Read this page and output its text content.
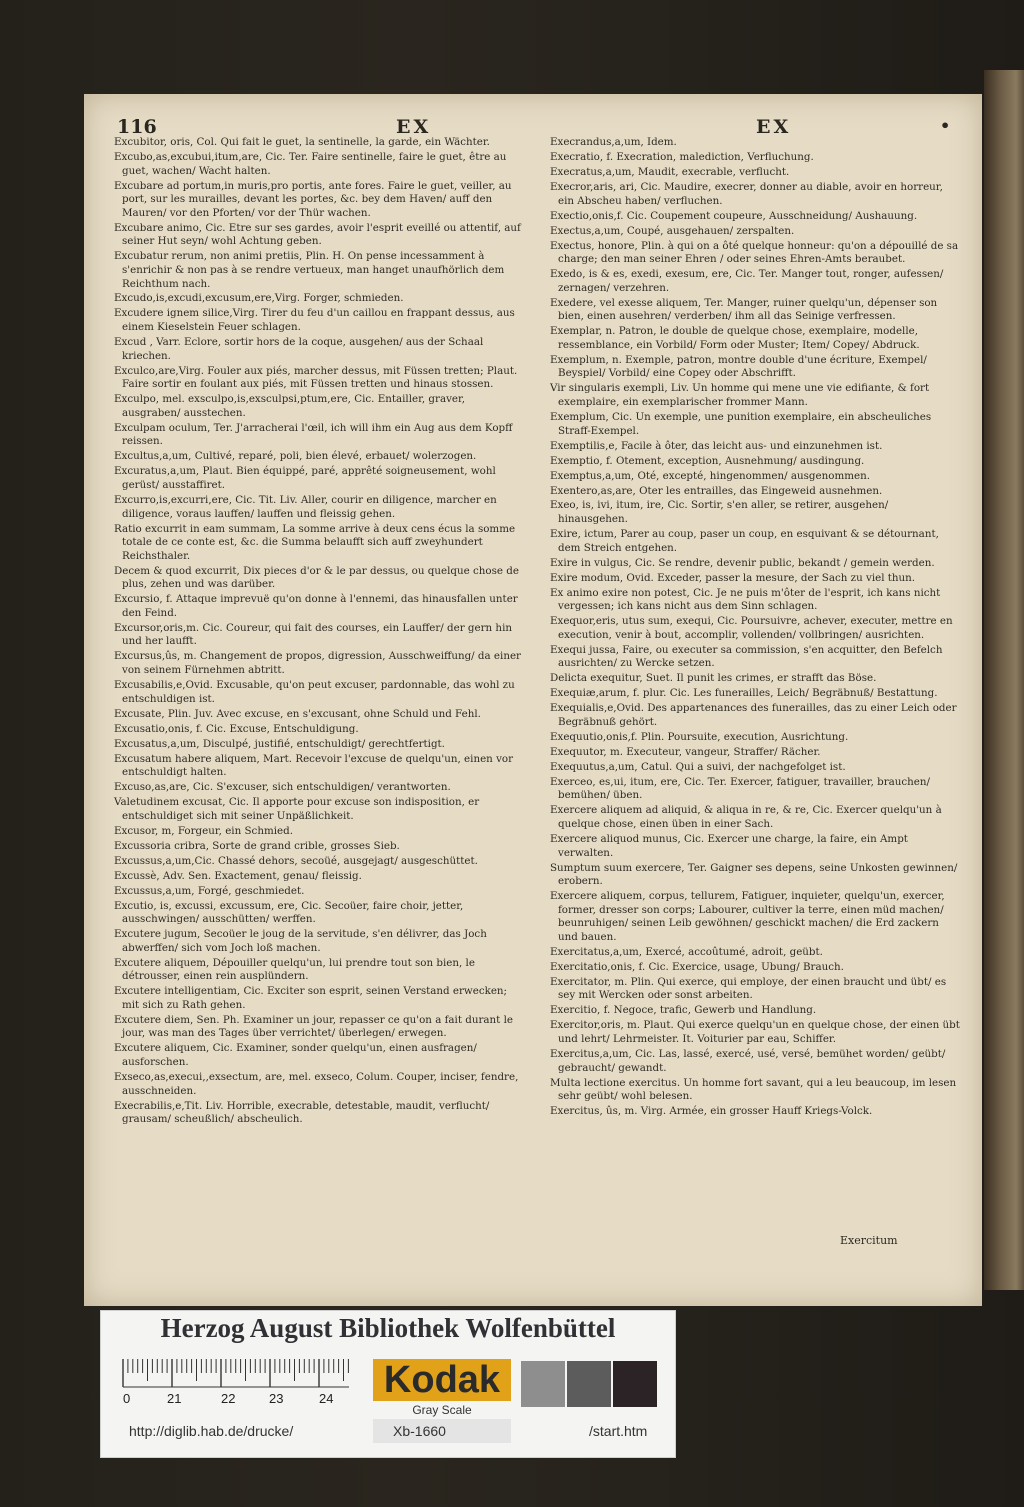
116	EX	EX	•
Excubitor, oris, Col. Qui fait le guet, la sentinelle, la garde, ein Wächter.
Excubo,as,excubui,itum,are, Cic. Ter. Faire sentinelle, faire le guet, être au guet, wachen/ Wacht halten.
Excubare ad portum,in muris,pro portis, ante fores. Faire le guet, veiller, au port, sur les murailles, devant les portes, &c. bey dem Haven/ auff den Mauren/ vor den Pforten/ vor der Thür wachen.
Excubare animo, Cic. Etre sur ses gardes, avoir l'esprit eveillé ou attentif, auf seiner Hut seyn/ wohl Achtung geben.
Excubatur rerum, non animi pretiis, Plin. H. On pense incessamment à s'enrichir & non pas à se rendre vertueux, man hanget unaufhörlich dem Reichthum nach.
Excudo,is,excudi,excusum,ere,Virg. Forger, schmieden.
Excudere ignem silice,Virg. Tirer du feu d'un caillou en frappant dessus, aus einem Kieselstein Feuer schlagen.
Excud , Varr. Eclore, sortir hors de la coque, ausgehen/ aus der Schaal kriechen.
Exculco,are,Virg. Fouler aux piés, marcher dessus, mit Füssen tretten; Plaut. Faire sortir en foulant aux piés, mit Füssen tretten und hinaus stossen.
Exculpo, mel. exsculpo,is,exsculpsi,ptum,ere, Cic. Entailler, graver, ausgraben/ ausstechen.
Exculpam oculum, Ter. J'arracherai l'œil, ich will ihm ein Aug aus dem Kopff reissen.
Excultus,a,um, Cultivé, reparé, poli, bien élevé, erbauet/ wolerzogen.
Excuratus,a,um, Plaut. Bien équippé, paré, apprêté soigneusement, wohl gerüst/ ausstaffiret.
Excurro,is,excurri,ere, Cic. Tit. Liv. Aller, courir en diligence, marcher en diligence, voraus lauffen/ lauffen und fleissig gehen.
Ratio excurrit in eam summam, La somme arrive à deux cens écus la somme totale de ce conte est, &c. die Summa belaufft sich auff zweyhundert Reichsthaler.
Decem & quod excurrit, Dix pieces d'or & le par dessus, ou quelque chose de plus, zehen und was darüber.
Excursio, f. Attaque imprevuë qu'on donne à l'ennemi, das hinausfallen unter den Feind.
Excursor,oris,m. Cic. Coureur, qui fait des courses, ein Lauffer/ der gern hin und her laufft.
Excursus,ûs, m. Changement de propos, digression, Ausschweiffung/ da einer von seinem Fürnehmen abtritt.
Excusabilis,e,Ovid. Excusable, qu'on peut excuser, pardonnable, das wohl zu entschuldigen ist.
Excusate, Plin. Juv. Avec excuse, en s'excusant, ohne Schuld und Fehl.
Excusatio,onis, f. Cic. Excuse, Entschuldigung.
Excusatus,a,um, Disculpé, justifié, entschuldigt/ gerechtfertigt.
Excusatum habere aliquem, Mart. Recevoir l'excuse de quelqu'un, einen vor entschuldigt halten.
Excuso,as,are, Cic. S'excuser, sich entschuldigen/ verantworten.
Valetudinem excusat, Cic. Il apporte pour excuse son indisposition, er entschuldiget sich mit seiner Unpäßlichkeit.
Excusor, m, Forgeur, ein Schmied.
Excussoria cribra, Sorte de grand crible, grosses Sieb.
Excussus,a,um,Cic. Chassé dehors, secoüé, ausgejagt/ ausgeschüttet.
Excussè, Adv. Sen. Exactement, genau/ fleissig.
Excussus,a,um, Forgé, geschmiedet.
Excutio, is, excussi, excussum, ere, Cic. Secoüer, faire choir, jetter, ausschwingen/ ausschütten/ werffen.
Excutere jugum, Secoüer le joug de la servitude, s'en délivrer, das Joch abwerffen/ sich vom Joch loß machen.
Excutere aliquem, Dépouiller quelqu'un, lui prendre tout son bien, le détrousser, einen rein ausplündern.
Excutere intelligentiam, Cic. Exciter son esprit, seinen Verstand erwecken; mit sich zu Rath gehen.
Excutere diem, Sen. Ph. Examiner un jour, repasser ce qu'on a fait durant le jour, was man des Tages über verrichtet/ überlegen/ erwegen.
Excutere aliquem, Cic. Examiner, sonder quelqu'un, einen ausfragen/ ausforschen.
Exseco,as,execui,,exsectum, are, mel. exseco, Colum. Couper, inciser, fendre, ausschneiden.
Execrabilis,e,Tit. Liv. Horrible, execrable, detestable, maudit, verflucht/ grausam/ scheußlich/ abscheulich.
Execrandus,a,um, Idem.
Execratio, f. Execration, malediction, Verfluchung.
Execratus,a,um, Maudit, execrable, verflucht.
Execror,aris, ari, Cic. Maudire, execrer, donner au diable, avoir en horreur, ein Abscheu haben/ verfluchen.
Exectio,onis,f. Cic. Coupement coupeure, Ausschneidung/ Aushauung.
Exectus,a,um, Coupé, ausgehauen/ zerspalten.
Exectus, honore, Plin. à qui on a ôté quelque honneur: qu'on a dépouillé de sa charge; den man seiner Ehren / oder seines Ehren-Amts beraubet.
Exedo, is & es, exedi, exesum, ere, Cic. Ter. Manger tout, ronger, aufessen/ zernagen/ verzehren.
Exedere, vel exesse aliquem, Ter. Manger, ruiner quelqu'un, dépenser son bien, einen ausehren/ verderben/ ihm all das Seinige verfressen.
Exemplar, n. Patron, le double de quelque chose, exemplaire, modelle, ressemblance, ein Vorbild/ Form oder Muster; Item/ Copey/ Abdruck.
Exemplum, n. Exemple, patron, montre double d'une écriture, Exempel/ Beyspiel/ Vorbild/ eine Copey oder Abschrifft.
Vir singularis exempli, Liv. Un homme qui mene une vie edifiante, & fort exemplaire, ein exemplarischer frommer Mann.
Exemplum, Cic. Un exemple, une punition exemplaire, ein abscheuliches Straff-Exempel.
Exemptilis,e, Facile à ôter, das leicht aus- und einzunehmen ist.
Exemptio, f. Otement, exception, Ausnehmung/ ausdingung.
Exemptus,a,um, Oté, excepté, hingenommen/ ausgenommen.
Exentero,as,are, Oter les entrailles, das Eingeweid ausnehmen.
Exeo, is, ivi, itum, ire, Cic. Sortir, s'en aller, se retirer, ausgehen/ hinausgehen.
Exire, ictum, Parer au coup, paser un coup, en esquivant & se détournant, dem Streich entgehen.
Exire in vulgus, Cic. Se rendre, devenir public, bekandt / gemein werden.
Exire modum, Ovid. Exceder, passer la mesure, der Sach zu viel thun.
Ex animo exire non potest, Cic. Je ne puis m'ôter de l'esprit, ich kans nicht vergessen; ich kans nicht aus dem Sinn schlagen.
Exequor,eris, utus sum, exequi, Cic. Poursuivre, achever, executer, mettre en execution, venir à bout, accomplir, vollenden/ vollbringen/ ausrichten.
Exequi jussa, Faire, ou executer sa commission, s'en acquitter, den Befelch ausrichten/ zu Wercke setzen.
Delicta exequitur, Suet. Il punit les crimes, er strafft das Böse.
Exequiæ,arum, f. plur. Cic. Les funerailles, Leich/ Begräbnuß/ Bestattung.
Exequialis,e,Ovid. Des appartenances des funerailles, das zu einer Leich oder Begräbnuß gehört.
Exequutio,onis,f. Plin. Poursuite, execution, Ausrichtung.
Exequutor, m. Executeur, vangeur, Straffer/ Rächer.
Exequutus,a,um, Catul. Qui a suivi, der nachgefolget ist.
Exerceo, es,ui, itum, ere, Cic. Ter. Exercer, fatiguer, travailler, brauchen/ bemühen/ üben.
Exercere aliquem ad aliquid, & aliqua in re, & re, Cic. Exercer quelqu'un à quelque chose, einen üben in einer Sach.
Exercere aliquod munus, Cic. Exercer une charge, la faire, ein Ampt verwalten.
Sumptum suum exercere, Ter. Gaigner ses depens, seine Unkosten gewinnen/ erobern.
Exercere aliquem, corpus, tellurem, Fatiguer, inquieter, quelqu'un, exercer, former, dresser son corps; Labourer, cultiver la terre, einen müd machen/ beunruhigen/ seinen Leib gewöhnen/ geschickt machen/ die Erd zackern und bauen.
Exercitatus,a,um, Exercé, accoûtumé, adroit, geübt.
Exercitatio,onis, f. Cic. Exercice, usage, Ubung/ Brauch.
Exercitator, m. Plin. Qui exerce, qui employe, der einen braucht und übt/ es sey mit Wercken oder sonst arbeiten.
Exercitio, f. Negoce, trafic, Gewerb und Handlung.
Exercitor,oris, m. Plaut. Qui exerce quelqu'un en quelque chose, der einen übt und lehrt/ Lehrmeister. It. Voiturier par eau, Schiffer.
Exercitus,a,um, Cic. Las, lassé, exercé, usé, versé, bemühet worden/ geübt/ gebraucht/ gewandt.
Multa lectione exercitus. Un homme fort savant, qui a leu beaucoup, im lesen sehr geübt/ wohl belesen.
Exercitus, ûs, m. Virg. Armée, ein grosser Hauff Kriegs-Volck.
Exercitum
Herzog August Bibliothek Wolfenbüttel
0	21	22	23	24 Kodak
Gray Scale
http://diglib.hab.de/drucke/	Xb-1660	/start.htm
